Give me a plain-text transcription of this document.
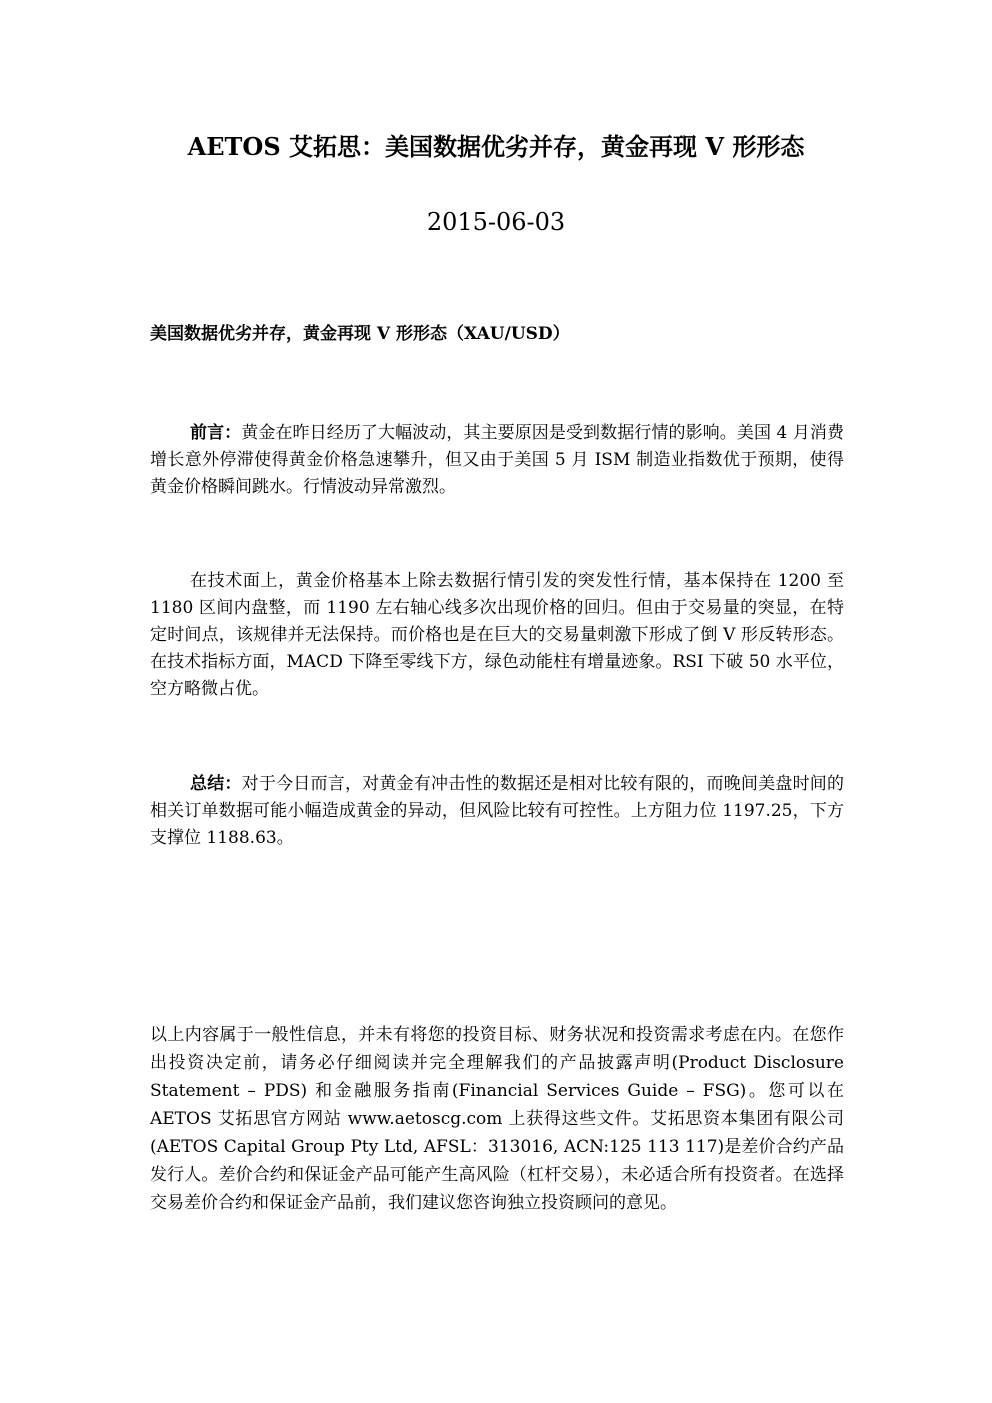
AETOS 艾拓思：美国数据优劣并存，黄金再现 V 形形态
2015-06-03
美国数据优劣并存，黄金再现 V 形形态（XAU/USD）

前言：黄金在昨日经历了大幅波动，其主要原因是受到数据行情的影响。美国 4 月消费增长意外停滞使得黄金价格急速攀升，但又由于美国 5 月 ISM 制造业指数优于预期，使得黄金价格瞬间跳水。行情波动异常激烈。

在技术面上，黄金价格基本上除去数据行情引发的突发性行情，基本保持在 1200 至 1180 区间内盘整，而 1190 左右轴心线多次出现价格的回归。但由于交易量的突显，在特定时间点，该规律并无法保持。而价格也是在巨大的交易量刺激下形成了倒 V 形反转形态。在技术指标方面，MACD 下降至零线下方，绿色动能柱有增量迹象。RSI 下破 50 水平位，空方略微占优。

总结：对于今日而言，对黄金有冲击性的数据还是相对比较有限的，而晚间美盘时间的相关订单数据可能小幅造成黄金的异动，但风险比较有可控性。上方阻力位 1197.25，下方支撑位 1188.63。

以上内容属于一般性信息，并未有将您的投资目标、财务状况和投资需求考虑在内。在您作出投资决定前，请务必仔细阅读并完全理解我们的产品披露声明(Product Disclosure Statement – PDS) 和金融服务指南(Financial Services Guide – FSG)。您可以在 AETOS 艾拓思官方网站 www.aetoscg.com 上获得这些文件。艾拓思资本集团有限公司(AETOS Capital Group Pty Ltd, AFSL：313016, ACN:125 113 117)是差价合约产品发行人。差价合约和保证金产品可能产生高风险（杠杆交易），未必适合所有投资者。在选择交易差价合约和保证金产品前，我们建议您咨询独立投资顾问的意见。
